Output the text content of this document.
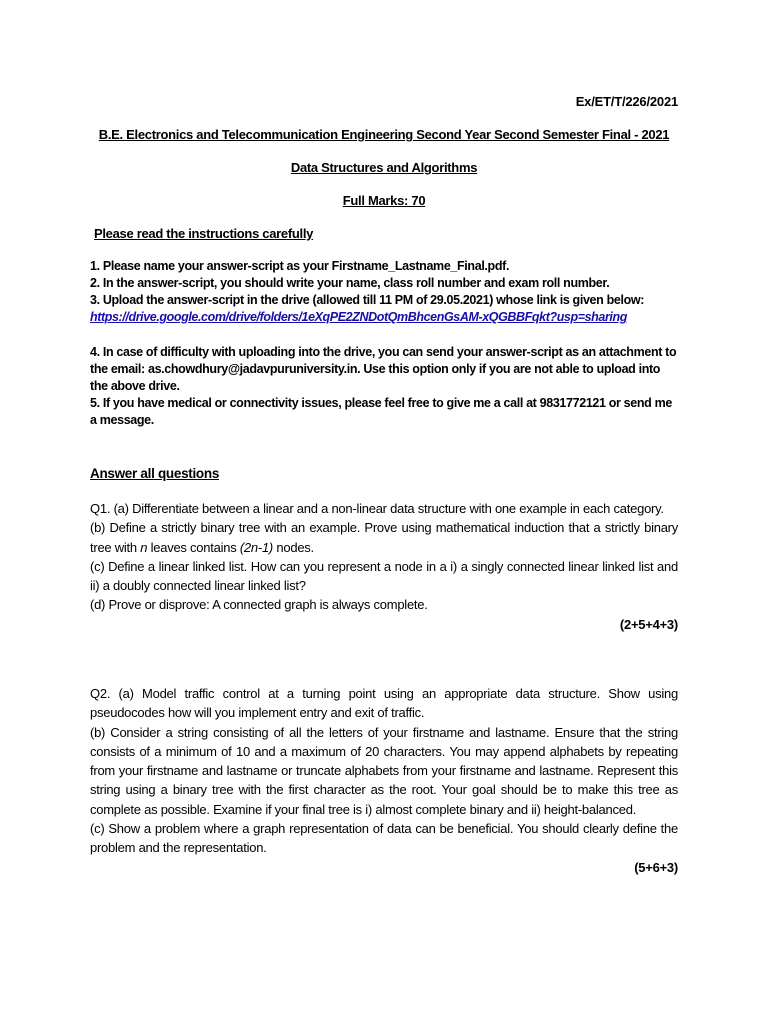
Ex/ET/T/226/2021
B.E. Electronics and Telecommunication Engineering Second Year Second Semester Final - 2021
Data Structures and Algorithms
Full Marks: 70
Please read the instructions carefully

1. Please name your answer-script as your Firstname_Lastname_Final.pdf.

2. In the answer-script, you should write your name, class roll number and exam roll number.

3. Upload the answer-script in the drive (allowed till 11 PM of 29.05.2021) whose link is given below:

https://drive.google.com/drive/folders/1eXqPE2ZNDotQmBhcenGsAM-xQGBBFqkt?usp=sharing

4. In case of difficulty with uploading into the drive, you can send your answer-script as an attachment to the email: as.chowdhury@jadavpuruniversity.in. Use this option only if you are not able to upload into the above drive.

5. If you have medical or connectivity issues, please feel free to give me a call at 9831772121 or send me a message.

Answer all questions

Q1. (a) Differentiate between a linear and a non-linear data structure with one example in each category.

(b) Define a strictly binary tree with an example. Prove using mathematical induction that a strictly binary tree with n leaves contains (2n-1) nodes.

(c) Define a linear linked list. How can you represent a node in a i) a singly connected linear linked list and ii) a doubly connected linear linked list?

(d) Prove or disprove: A connected graph is always complete.

(2+5+4+3)

Q2. (a) Model traffic control at a turning point using an appropriate data structure. Show using pseudocodes how will you implement entry and exit of traffic.

(b) Consider a string consisting of all the letters of your firstname and lastname. Ensure that the string consists of a minimum of 10 and a maximum of 20 characters. You may append alphabets by repeating from your firstname and lastname or truncate alphabets from your firstname and lastname. Represent this string using a binary tree with the first character as the root. Your goal should be to make this tree as complete as possible. Examine if your final tree is i) almost complete binary and ii) height-balanced.

(c) Show a problem where a graph representation of data can be beneficial. You should clearly define the problem and the representation.

(5+6+3)
